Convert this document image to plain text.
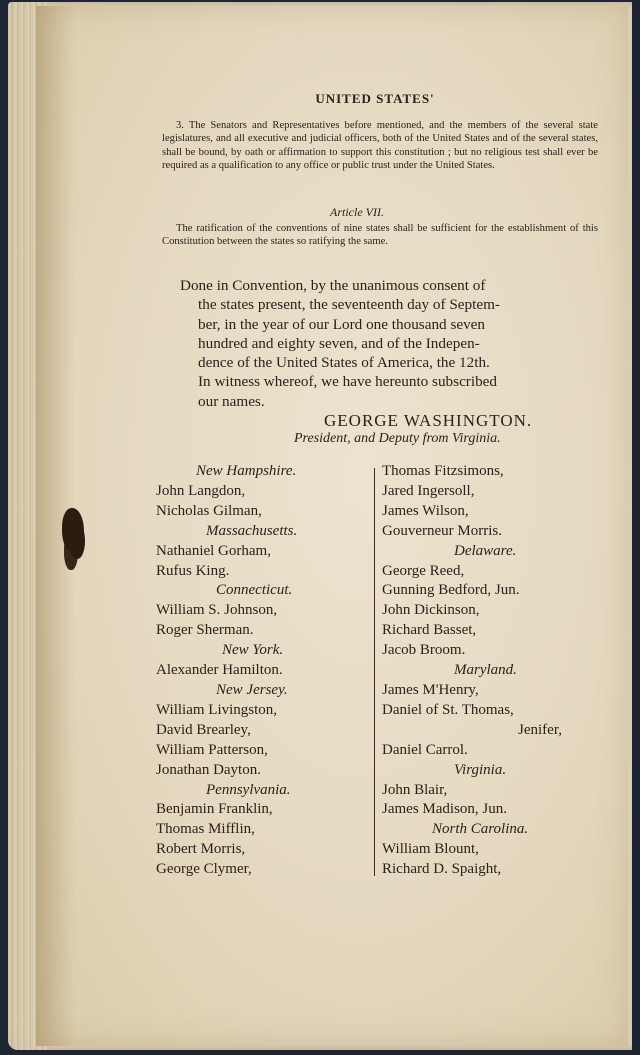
UNITED STATES'
3. The Senators and Representatives before mentioned, and the members of the several state legislatures, and all executive and judicial officers, both of the United States and of the several states, shall be bound, by oath or affirmation to support this constitution ; but no religious test shall ever be required as a qualification to any office or public trust under the United States.
Article VII.
The ratification of the conventions of nine states shall be sufficient for the establishment of this Constitution between the states so ratifying the same.
Done in Convention, by the unanimous consent of
the states present, the seventeenth day of Septem-
ber, in the year of our Lord one thousand seven
hundred and eighty seven, and of the Indepen-
dence of the United States of America, the 12th.
In witness whereof, we have hereunto subscribed
our names.
GEORGE WASHINGTON.
President, and Deputy from Virginia.
New Hampshire.
John Langdon,
Nicholas Gilman,
Massachusetts.
Nathaniel Gorham,
Rufus King.
Connecticut.
William S. Johnson,
Roger Sherman.
New York.
Alexander Hamilton.
New Jersey.
William Livingston,
David Brearley,
William Patterson,
Jonathan Dayton.
Pennsylvania.
Benjamin Franklin,
Thomas Mifflin,
Robert Morris,
George Clymer,
Thomas Fitzsimons,
Jared Ingersoll,
James Wilson,
Gouverneur Morris.
Delaware.
George Reed,
Gunning Bedford, Jun.
John Dickinson,
Richard Basset,
Jacob Broom.
Maryland.
James M'Henry,
Daniel of St. Thomas,
Jenifer,
Daniel Carrol.
Virginia.
John Blair,
James Madison, Jun.
North Carolina.
William Blount,
Richard D. Spaight,
